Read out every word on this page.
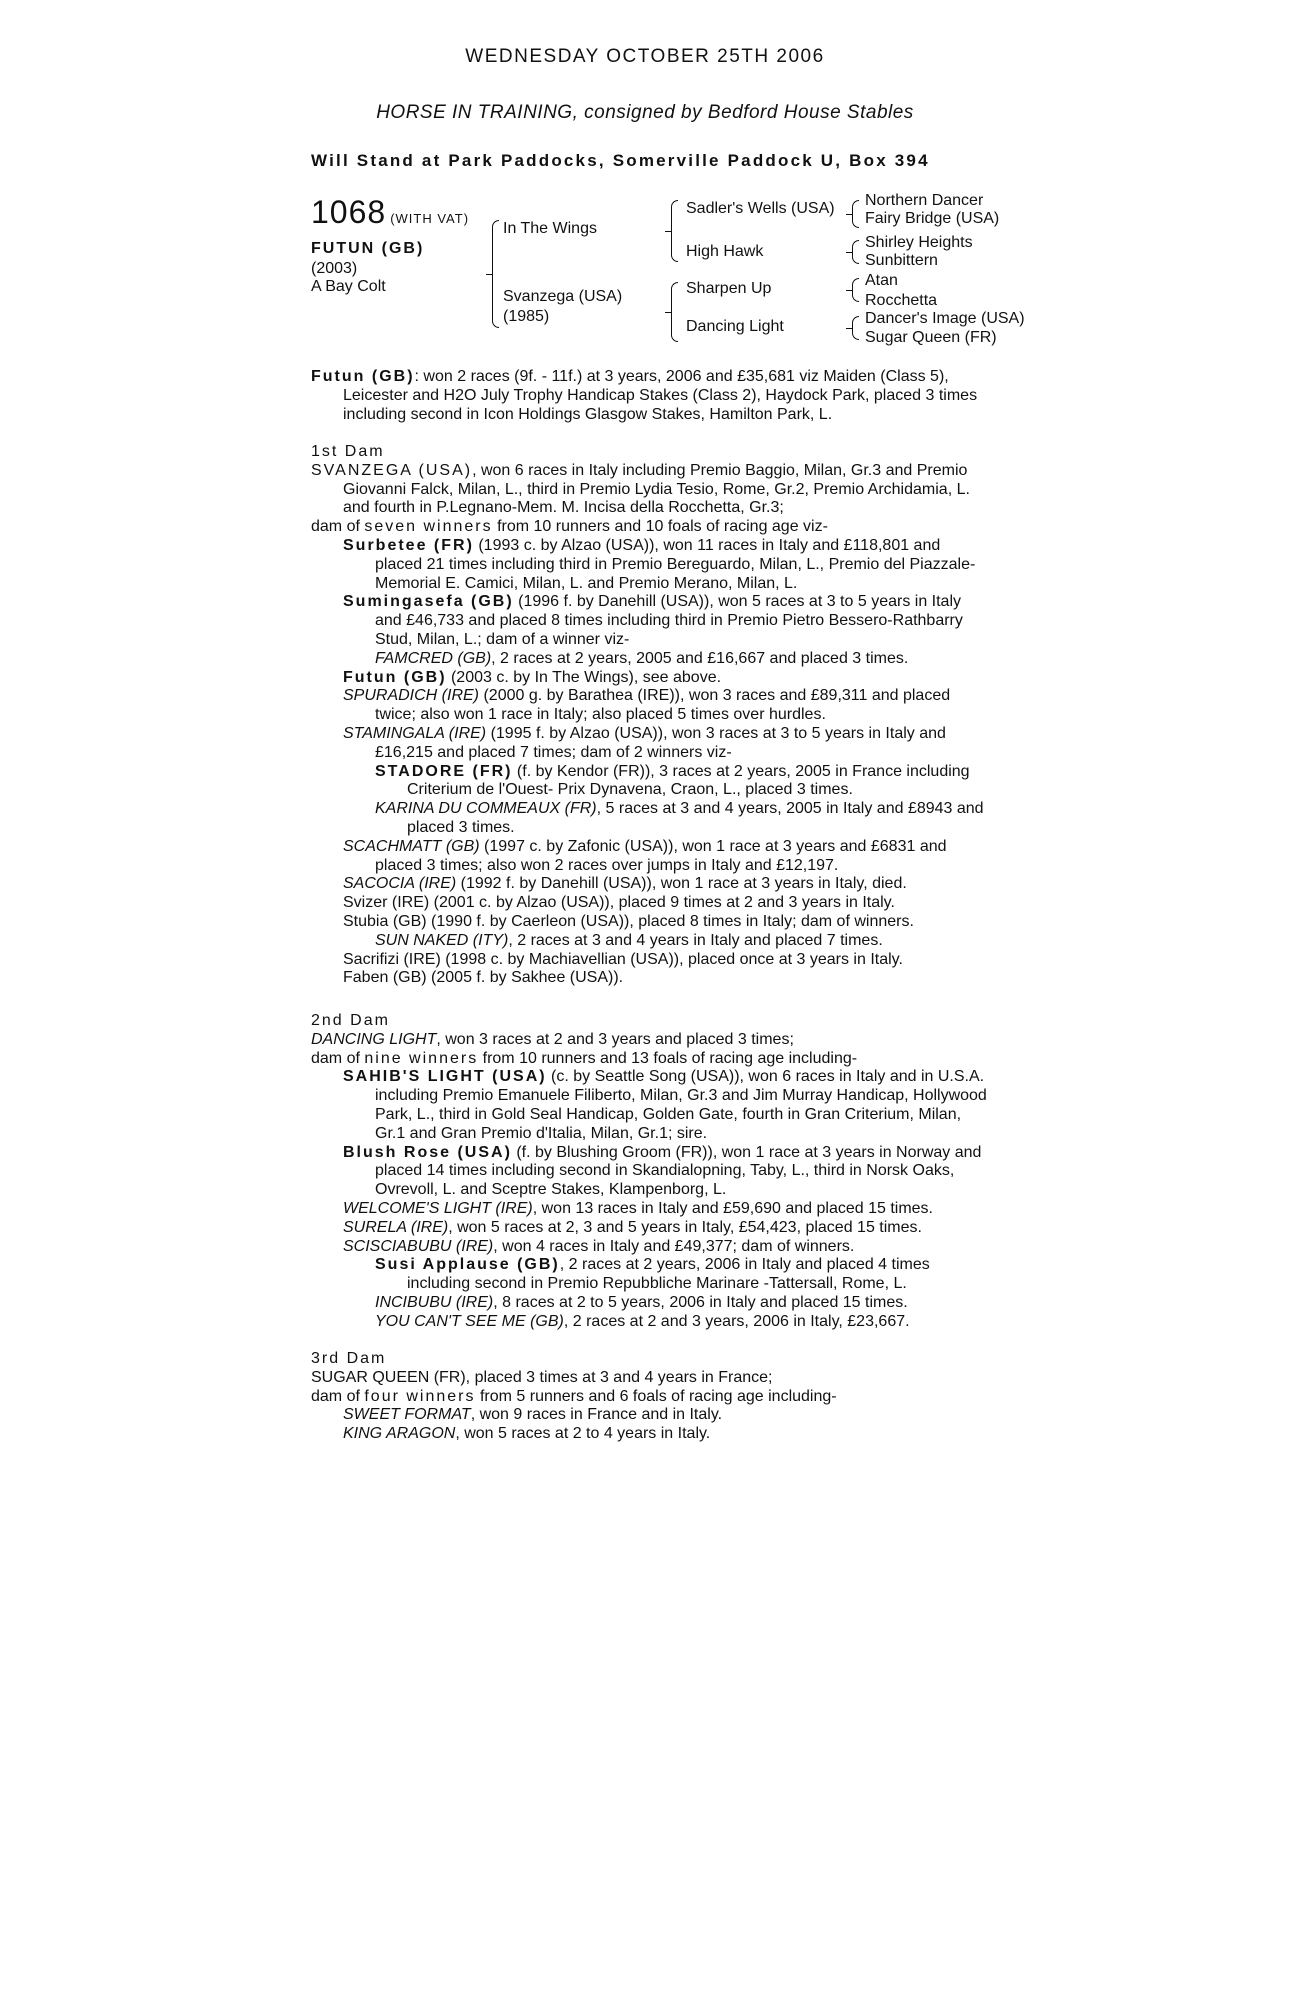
WEDNESDAY OCTOBER 25TH 2006
HORSE IN TRAINING, consigned by Bedford House Stables
Will Stand at Park Paddocks, Somerville Paddock U, Box 394
1068 (WITH VAT)
FUTUN (GB)
(2003)
A Bay Colt
In The Wings
Svanzega (USA)
(1985)
Sadler's Wells (USA)
High Hawk
Sharpen Up
Dancing Light
Northern Dancer
Fairy Bridge (USA)
Shirley Heights
Sunbittern
Atan
Rocchetta
Dancer's Image (USA)
Sugar Queen (FR)

Futun (GB): won 2 races (9f. - 11f.) at 3 years, 2006 and £35,681 viz Maiden (Class 5), Leicester and H2O July Trophy Handicap Stakes (Class 2), Haydock Park, placed 3 times including second in Icon Holdings Glasgow Stakes, Hamilton Park, L.

1st Dam

SVANZEGA (USA), won 6 races in Italy including Premio Baggio, Milan, Gr.3 and Premio Giovanni Falck, Milan, L., third in Premio Lydia Tesio, Rome, Gr.2, Premio Archidamia, L. and fourth in P.Legnano-Mem. M. Incisa della Rocchetta, Gr.3;

dam of seven winners from 10 runners and 10 foals of racing age viz-

Surbetee (FR) (1993 c. by Alzao (USA)), won 11 races in Italy and £118,801 and placed 21 times including third in Premio Bereguardo, Milan, L., Premio del Piazzale-Memorial E. Camici, Milan, L. and Premio Merano, Milan, L.

Sumingasefa (GB) (1996 f. by Danehill (USA)), won 5 races at 3 to 5 years in Italy and £46,733 and placed 8 times including third in Premio Pietro Bessero-Rathbarry Stud, Milan, L.; dam of a winner viz-

FAMCRED (GB), 2 races at 2 years, 2005 and £16,667 and placed 3 times.

Futun (GB) (2003 c. by In The Wings), see above.

SPURADICH (IRE) (2000 g. by Barathea (IRE)), won 3 races and £89,311 and placed twice; also won 1 race in Italy; also placed 5 times over hurdles.

STAMINGALA (IRE) (1995 f. by Alzao (USA)), won 3 races at 3 to 5 years in Italy and £16,215 and placed 7 times; dam of 2 winners viz-

STADORE (FR) (f. by Kendor (FR)), 3 races at 2 years, 2005 in France including Criterium de l'Ouest- Prix Dynavena, Craon, L., placed 3 times.

KARINA DU COMMEAUX (FR), 5 races at 3 and 4 years, 2005 in Italy and £8943 and placed 3 times.

SCACHMATT (GB) (1997 c. by Zafonic (USA)), won 1 race at 3 years and £6831 and placed 3 times; also won 2 races over jumps in Italy and £12,197.

SACOCIA (IRE) (1992 f. by Danehill (USA)), won 1 race at 3 years in Italy, died.

Svizer (IRE) (2001 c. by Alzao (USA)), placed 9 times at 2 and 3 years in Italy.

Stubia (GB) (1990 f. by Caerleon (USA)), placed 8 times in Italy; dam of winners.

SUN NAKED (ITY), 2 races at 3 and 4 years in Italy and placed 7 times.

Sacrifizi (IRE) (1998 c. by Machiavellian (USA)), placed once at 3 years in Italy.

Faben (GB) (2005 f. by Sakhee (USA)).

2nd Dam

DANCING LIGHT, won 3 races at 2 and 3 years and placed 3 times;

dam of nine winners from 10 runners and 13 foals of racing age including-

SAHIB'S LIGHT (USA) (c. by Seattle Song (USA)), won 6 races in Italy and in U.S.A. including Premio Emanuele Filiberto, Milan, Gr.3 and Jim Murray Handicap, Hollywood Park, L., third in Gold Seal Handicap, Golden Gate, fourth in Gran Criterium, Milan, Gr.1 and Gran Premio d'Italia, Milan, Gr.1; sire.

Blush Rose (USA) (f. by Blushing Groom (FR)), won 1 race at 3 years in Norway and placed 14 times including second in Skandialopning, Taby, L., third in Norsk Oaks, Ovrevoll, L. and Sceptre Stakes, Klampenborg, L.

WELCOME'S LIGHT (IRE), won 13 races in Italy and £59,690 and placed 15 times.

SURELA (IRE), won 5 races at 2, 3 and 5 years in Italy, £54,423, placed 15 times.

SCISCIABUBU (IRE), won 4 races in Italy and £49,377; dam of winners.

Susi Applause (GB), 2 races at 2 years, 2006 in Italy and placed 4 times including second in Premio Repubbliche Marinare -Tattersall, Rome, L.

INCIBUBU (IRE), 8 races at 2 to 5 years, 2006 in Italy and placed 15 times.

YOU CAN'T SEE ME (GB), 2 races at 2 and 3 years, 2006 in Italy, £23,667.

3rd Dam

SUGAR QUEEN (FR), placed 3 times at 3 and 4 years in France;

dam of four winners from 5 runners and 6 foals of racing age including-

SWEET FORMAT, won 9 races in France and in Italy.

KING ARAGON, won 5 races at 2 to 4 years in Italy.
